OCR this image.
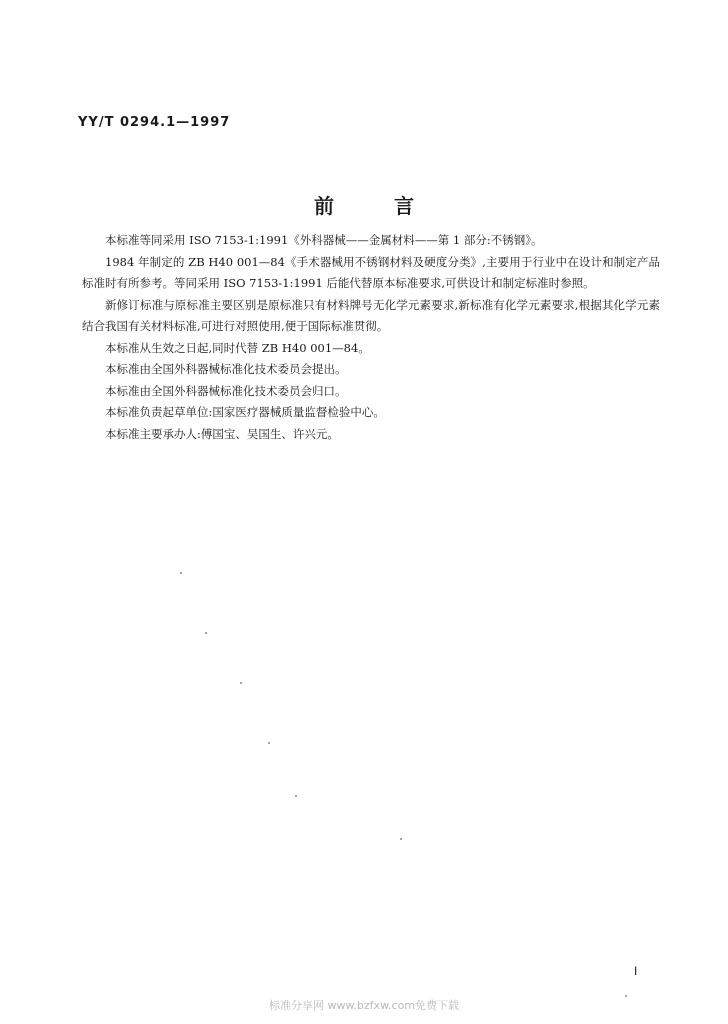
YY/T 0294.1—1997
前	言

本标准等同采用 ISO 7153-1:1991《外科器械——金属材料——第 1 部分:不锈钢》。

1984 年制定的 ZB H40 001—84《手术器械用不锈钢材料及硬度分类》,主要用于行业中在设计和制定产品标准时有所参考。等同采用 ISO 7153-1:1991 后能代替原本标准要求,可供设计和制定标准时参照。

新修订标准与原标准主要区别是原标准只有材料牌号无化学元素要求,新标准有化学元素要求,根据其化学元素结合我国有关材料标准,可进行对照使用,便于国际标准贯彻。

本标准从生效之日起,同时代替 ZB H40 001—84。

本标准由全国外科器械标准化技术委员会提出。

本标准由全国外科器械标准化技术委员会归口。

本标准负责起草单位:国家医疗器械质量监督检验中心。

本标准主要承办人:傅国宝、吴国生、许兴元。

I
标准分享网 www.bzfxw.com免费下载
